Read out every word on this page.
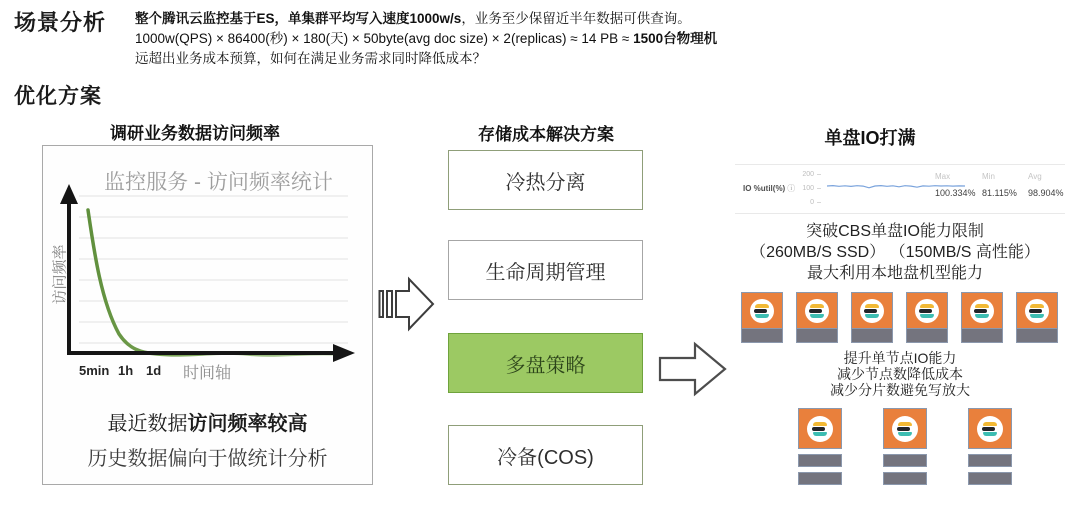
场景分析 整个腾讯云监控基于ES，单集群平均写入速度1000w/s，业务至少保留近半年数据可供查询。
1000w(QPS) × 86400(秒) × 180(天) × 50byte(avg doc size) × 2(replicas) ≈ 14 PB ≈ 1500台物理机
远超出业务成本预算，如何在满足业务需求同时降低成本？
优化方案
调研业务数据访问频率
监控服务 - 访问频率统计
访问频率
5min 1h 1d 时间轴
最近数据访问频率较高
历史数据偏向于做统计分析
存储成本解决方案
冷热分离
生命周期管理
多盘策略
冷备(COS)
单盘IO打满
IO %util(%) ⓘ
200
100
0
Max
100.334%
Min
81.115%
Avg
98.904%
突破CBS单盘IO能力限制
（260MB/S SSD） （150MB/S 高性能）
最大利用本地盘机型能力
提升单节点IO能力
减少节点数降低成本
减少分片数避免写放大
